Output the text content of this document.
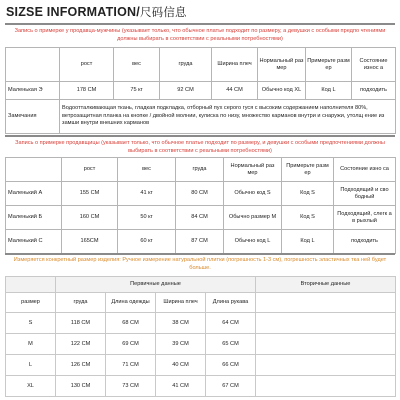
SIZSE INFORMATION/尺码信息
Запись о примерке у продавца-мужчины (указывает только, что обычное платье подходит по размеру, а девушки с особыми предпо чтениями должны выбирать в соответствии с реальными потребностями)
	рост	вес	груда	Ширина плеч	Нормальный раз мер	Примерьте разм ер	Состояние износ а
Маленькая Э	178 CM	75 кг	92 CM	44 CM	Обычно код XL	Код L	подходить
Замечания	Водоотталкивающая ткань, гладкая подкладка, отборный пух серого гуся с высоким содержанием наполнителя 80%, ветрозащитная планка на кнопке / двойной молнии, кулиска по низу, множество карманов внутри и снаружи, утолщ ение из замши внутри внешних карманов						
Запись о примерке продавщицы (указывает только, что обычное платье подходит по размеру, и девушки с особыми предпочтениями должны выбирать в соответствии с реальными потребностями)
	рост	вес	груда	Нормальный раз мер	Примерьте разм ер	Состояние изно са
Маленький А	155 CM	41 кг	80 CM	Обычно код S	Код S	Подходящий и сво бодный
Маленький Б	160 CM	50 кг	84 CM	Обычно размер M	Код S	Подходящий, слегк а в рыхлый
Маленький С	165CM	60 кг	87 CM	Обычно код L	Код L	подходить
Измеряется конкретный размер изделия: Ручное измерение натуральной плитки (погрешность 1-3 см), погрешность эластичных тка ней будет больше.
	Первичные данные				Вторичные данные
размер	груда	Длина одежды	Ширина плеч	Длина рукава	
S	118 CM	68 CM	38 CM	64 CM	
M	122 CM	69 CM	39 CM	65 CM	
L	126 CM	71 CM	40 CM	66 CM	
XL	130 CM	73 CM	41 CM	67 CM	
